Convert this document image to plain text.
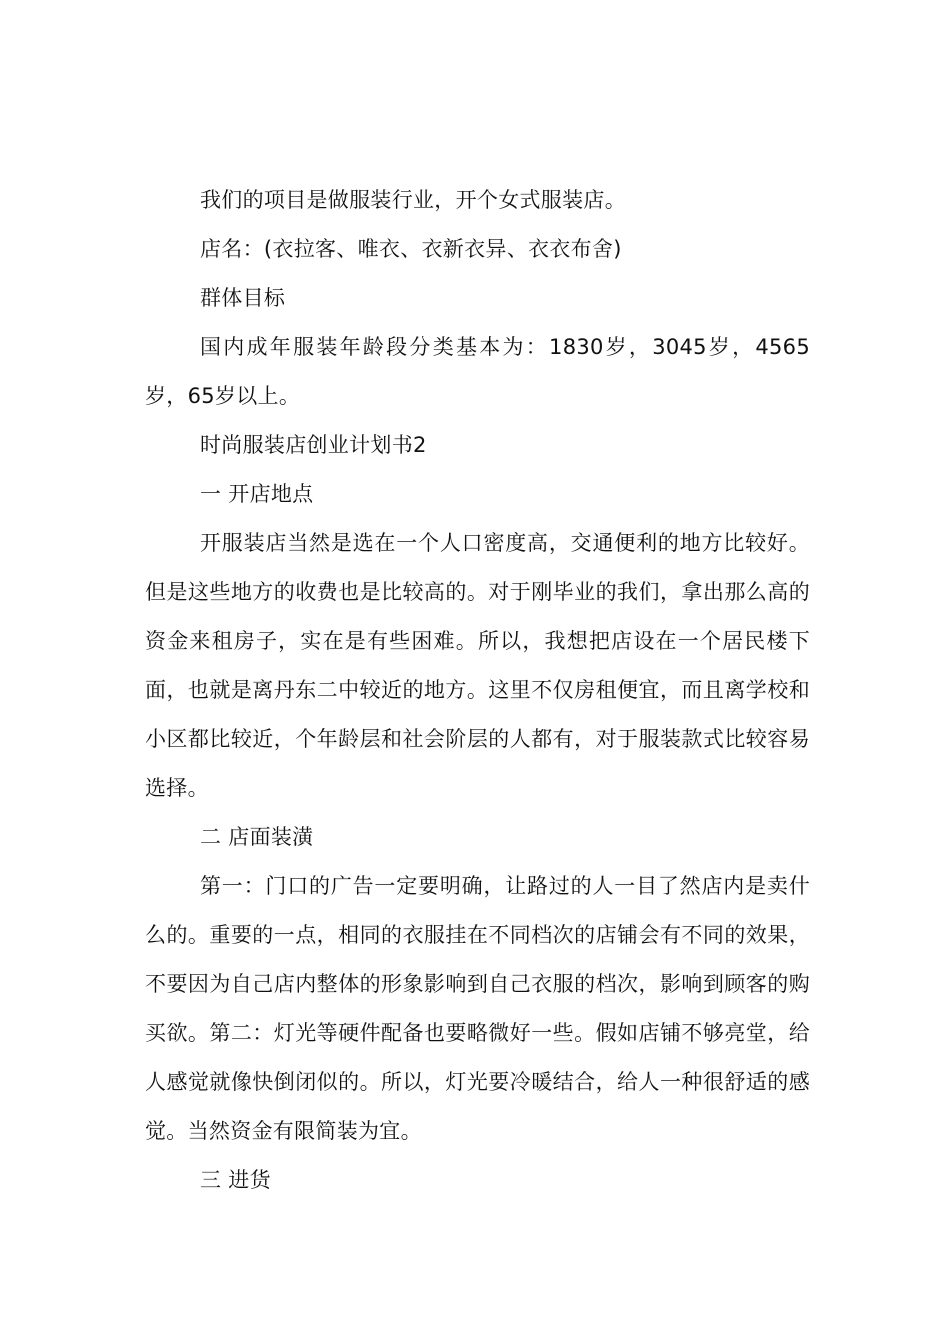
我们的项目是做服装行业，开个女式服装店。

店名：(衣拉客、唯衣、衣新衣异、衣衣布舍)

群体目标

国内成年服装年龄段分类基本为：1830岁，3045岁，4565岁，65岁以上。

时尚服装店创业计划书2

一 开店地点

开服装店当然是选在一个人口密度高，交通便利的地方比较好。但是这些地方的收费也是比较高的。对于刚毕业的我们，拿出那么高的资金来租房子，实在是有些困难。所以，我想把店设在一个居民楼下面，也就是离丹东二中较近的地方。这里不仅房租便宜，而且离学校和小区都比较近，个年龄层和社会阶层的人都有，对于服装款式比较容易选择。

二 店面装潢

第一：门口的广告一定要明确，让路过的人一目了然店内是卖什么的。重要的一点，相同的衣服挂在不同档次的店铺会有不同的效果，不要因为自己店内整体的形象影响到自己衣服的档次，影响到顾客的购买欲。第二：灯光等硬件配备也要略微好一些。假如店铺不够亮堂，给人感觉就像快倒闭似的。所以，灯光要冷暖结合，给人一种很舒适的感觉。当然资金有限简装为宜。

三 进货
